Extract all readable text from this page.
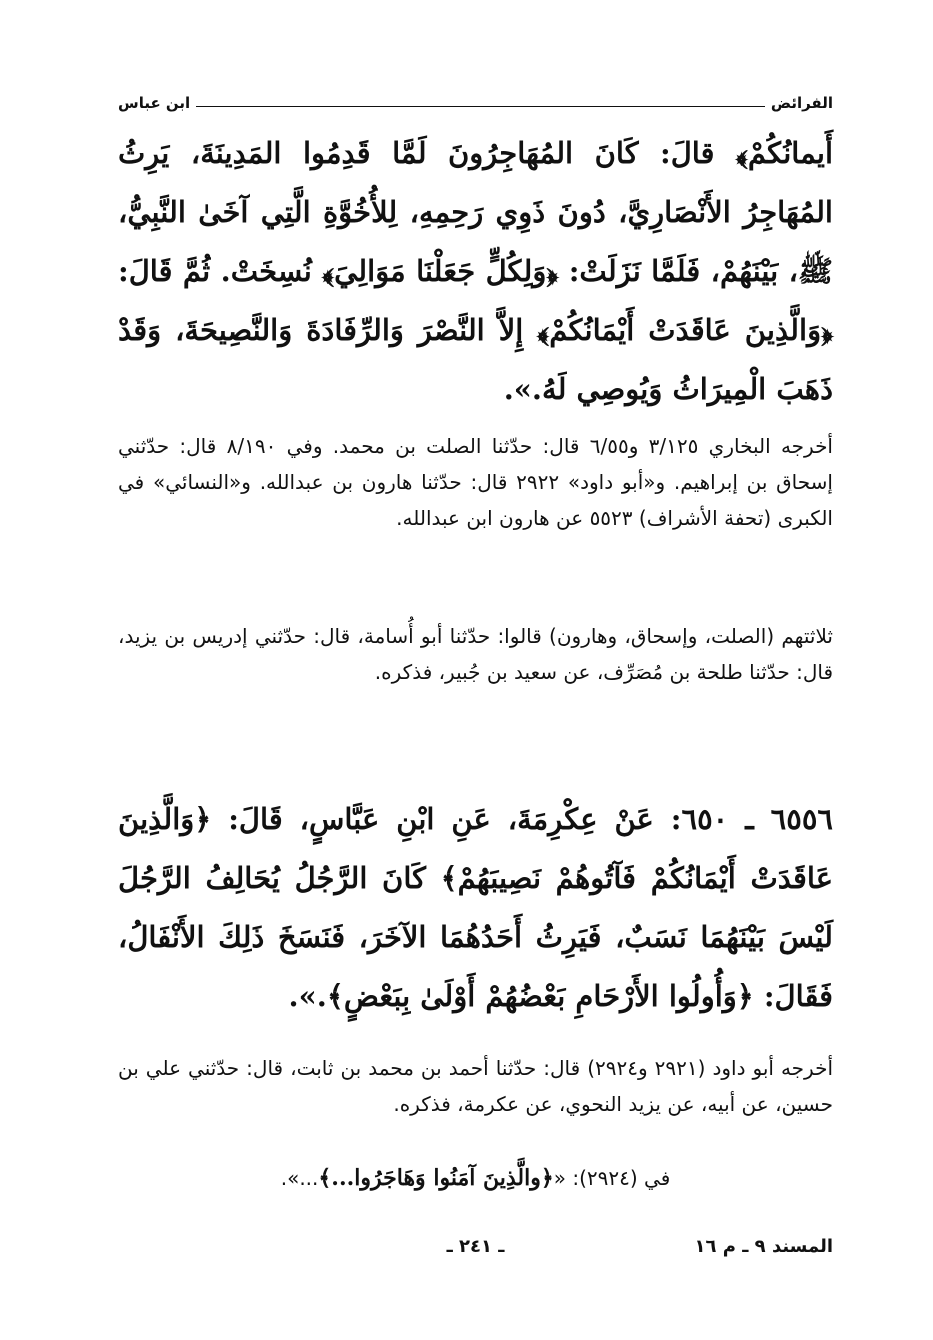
الفرائض
ابن عباس
أَيمانُكُمْ﴾ قالَ: كَانَ المُهَاجِرُونَ لَمَّا قَدِمُوا المَدِينَةَ، يَرِثُ المُهَاجِرُ الأَنْصَارِيَّ، دُونَ ذَوِي رَحِمِهِ، لِلأُخُوَّةِ الَّتِي آخَىٰ النَّبِيُّ، ﷺ، بَيْنَهُمْ، فَلَمَّا نَزَلَتْ: ﴿وَلِكُلٍّ جَعَلْنَا مَوَالِيَ﴾ نُسِخَتْ. ثُمَّ قَالَ: ﴿وَالَّذِينَ عَاقَدَتْ أَيْمَانُكُمْ﴾ إِلاَّ النَّصْرَ وَالرِّفَادَةَ وَالنَّصِيحَةَ، وَقَدْ ذَهَبَ الْمِيرَاثُ وَيُوصِي لَهُ.».
أخرجه البخاري ٣/١٢٥ و٦/٥٥ قال: حدّثنا الصلت بن محمد. وفي ٨/١٩٠ قال: حدّثني إسحاق بن إبراهيم. و«أبو داود» ٢٩٢٢ قال: حدّثنا هارون بن عبدالله. و«النسائي» في الكبرى (تحفة الأشراف) ٥٥٢٣ عن هارون ابن عبدالله.
ثلاثتهم (الصلت، وإسحاق، وهارون) قالوا: حدّثنا أبو أُسامة، قال: حدّثني إدريس بن يزيد، قال: حدّثنا طلحة بن مُصَرِّف، عن سعيد بن جُبير، فذكره.
٦٥٥٦ ـ ٦٥٠: عَنْ عِكْرِمَةَ، عَنِ ابْنِ عَبَّاسٍ، قَالَ: ﴿وَالَّذِينَ عَاقَدَتْ أَيْمَانُكُمْ فَآتُوهُمْ نَصِيبَهُمْ﴾ كَانَ الرَّجُلُ يُحَالِفُ الرَّجُلَ لَيْسَ بَيْنَهُمَا نَسَبٌ، فَيَرِثُ أَحَدُهُمَا الآخَرَ، فَنَسَخَ ذَلِكَ الأَنْفَالُ، فَقَالَ: ﴿وَأُولُوا الأَرْحَامِ بَعْضُهُمْ أَوْلَىٰ بِبَعْضٍ﴾.».
أخرجه أبو داود (٢٩٢١ و٢٩٢٤) قال: حدّثنا أحمد بن محمد بن ثابت، قال: حدّثني علي بن حسين، عن أبيه، عن يزيد النحوي، عن عكرمة، فذكره.
في (٢٩٢٤): «﴿والَّذِينَ آمَنُوا وَهَاجَرُوا...﴾...».
المسند ٩ ـ م ١٦
ـ ٢٤١ ـ
